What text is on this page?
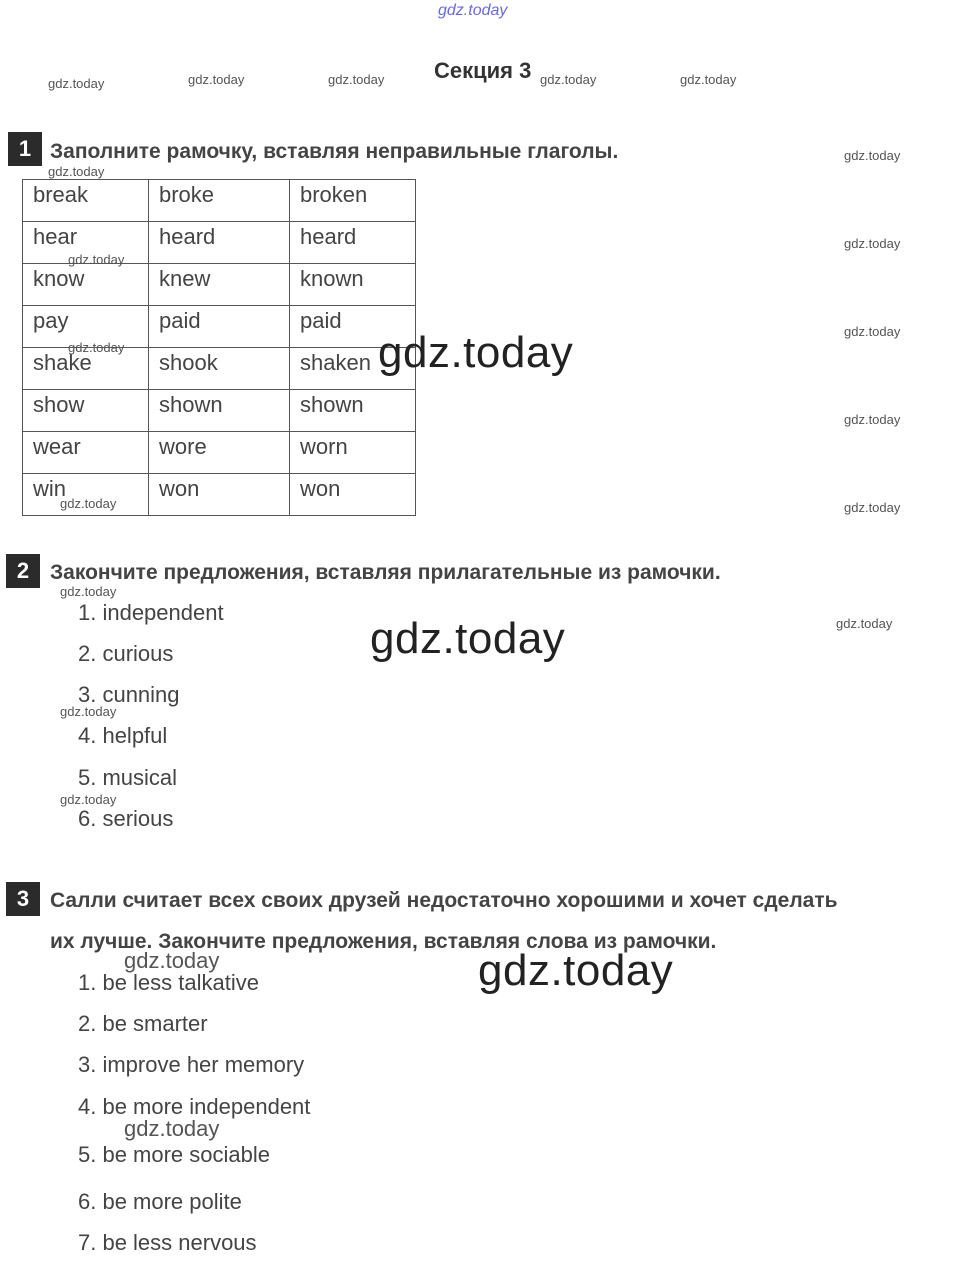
gdz.today
gdz.today	gdz.today	gdz.today	gdz.today	gdz.today
Секция 3
1 Заполните рамочку, вставляя неправильные глаголы.
gdz.today
break	broke	broken
hear	heard	heard
know	knew	known
pay	paid	paid
shake	shook	shaken
show	shown	shown
wear	wore	worn
win	won	won
gdz.today
gdz.today
gdz.today
gdz.today
gdz.today
gdz.today
gdz.today
gdz.today
gdz.today
2 Закончите предложения, вставляя прилагательные из рамочки.
gdz.today
gdz.today
gdz.today
1. independent
2. curious
3. cunning
gdz.today
4. helpful
5. musical
gdz.today
6. serious
3 Салли считает всех своих друзей недостаточно хорошими и хочет сделать
их лучше. Закончите предложения, вставляя слова из рамочки.
gdz.today	gdz.today
1. be less talkative
2. be smarter
3. improve her memory
4. be more independent
gdz.today
5. be more sociable
6. be more polite
7. be less nervous
